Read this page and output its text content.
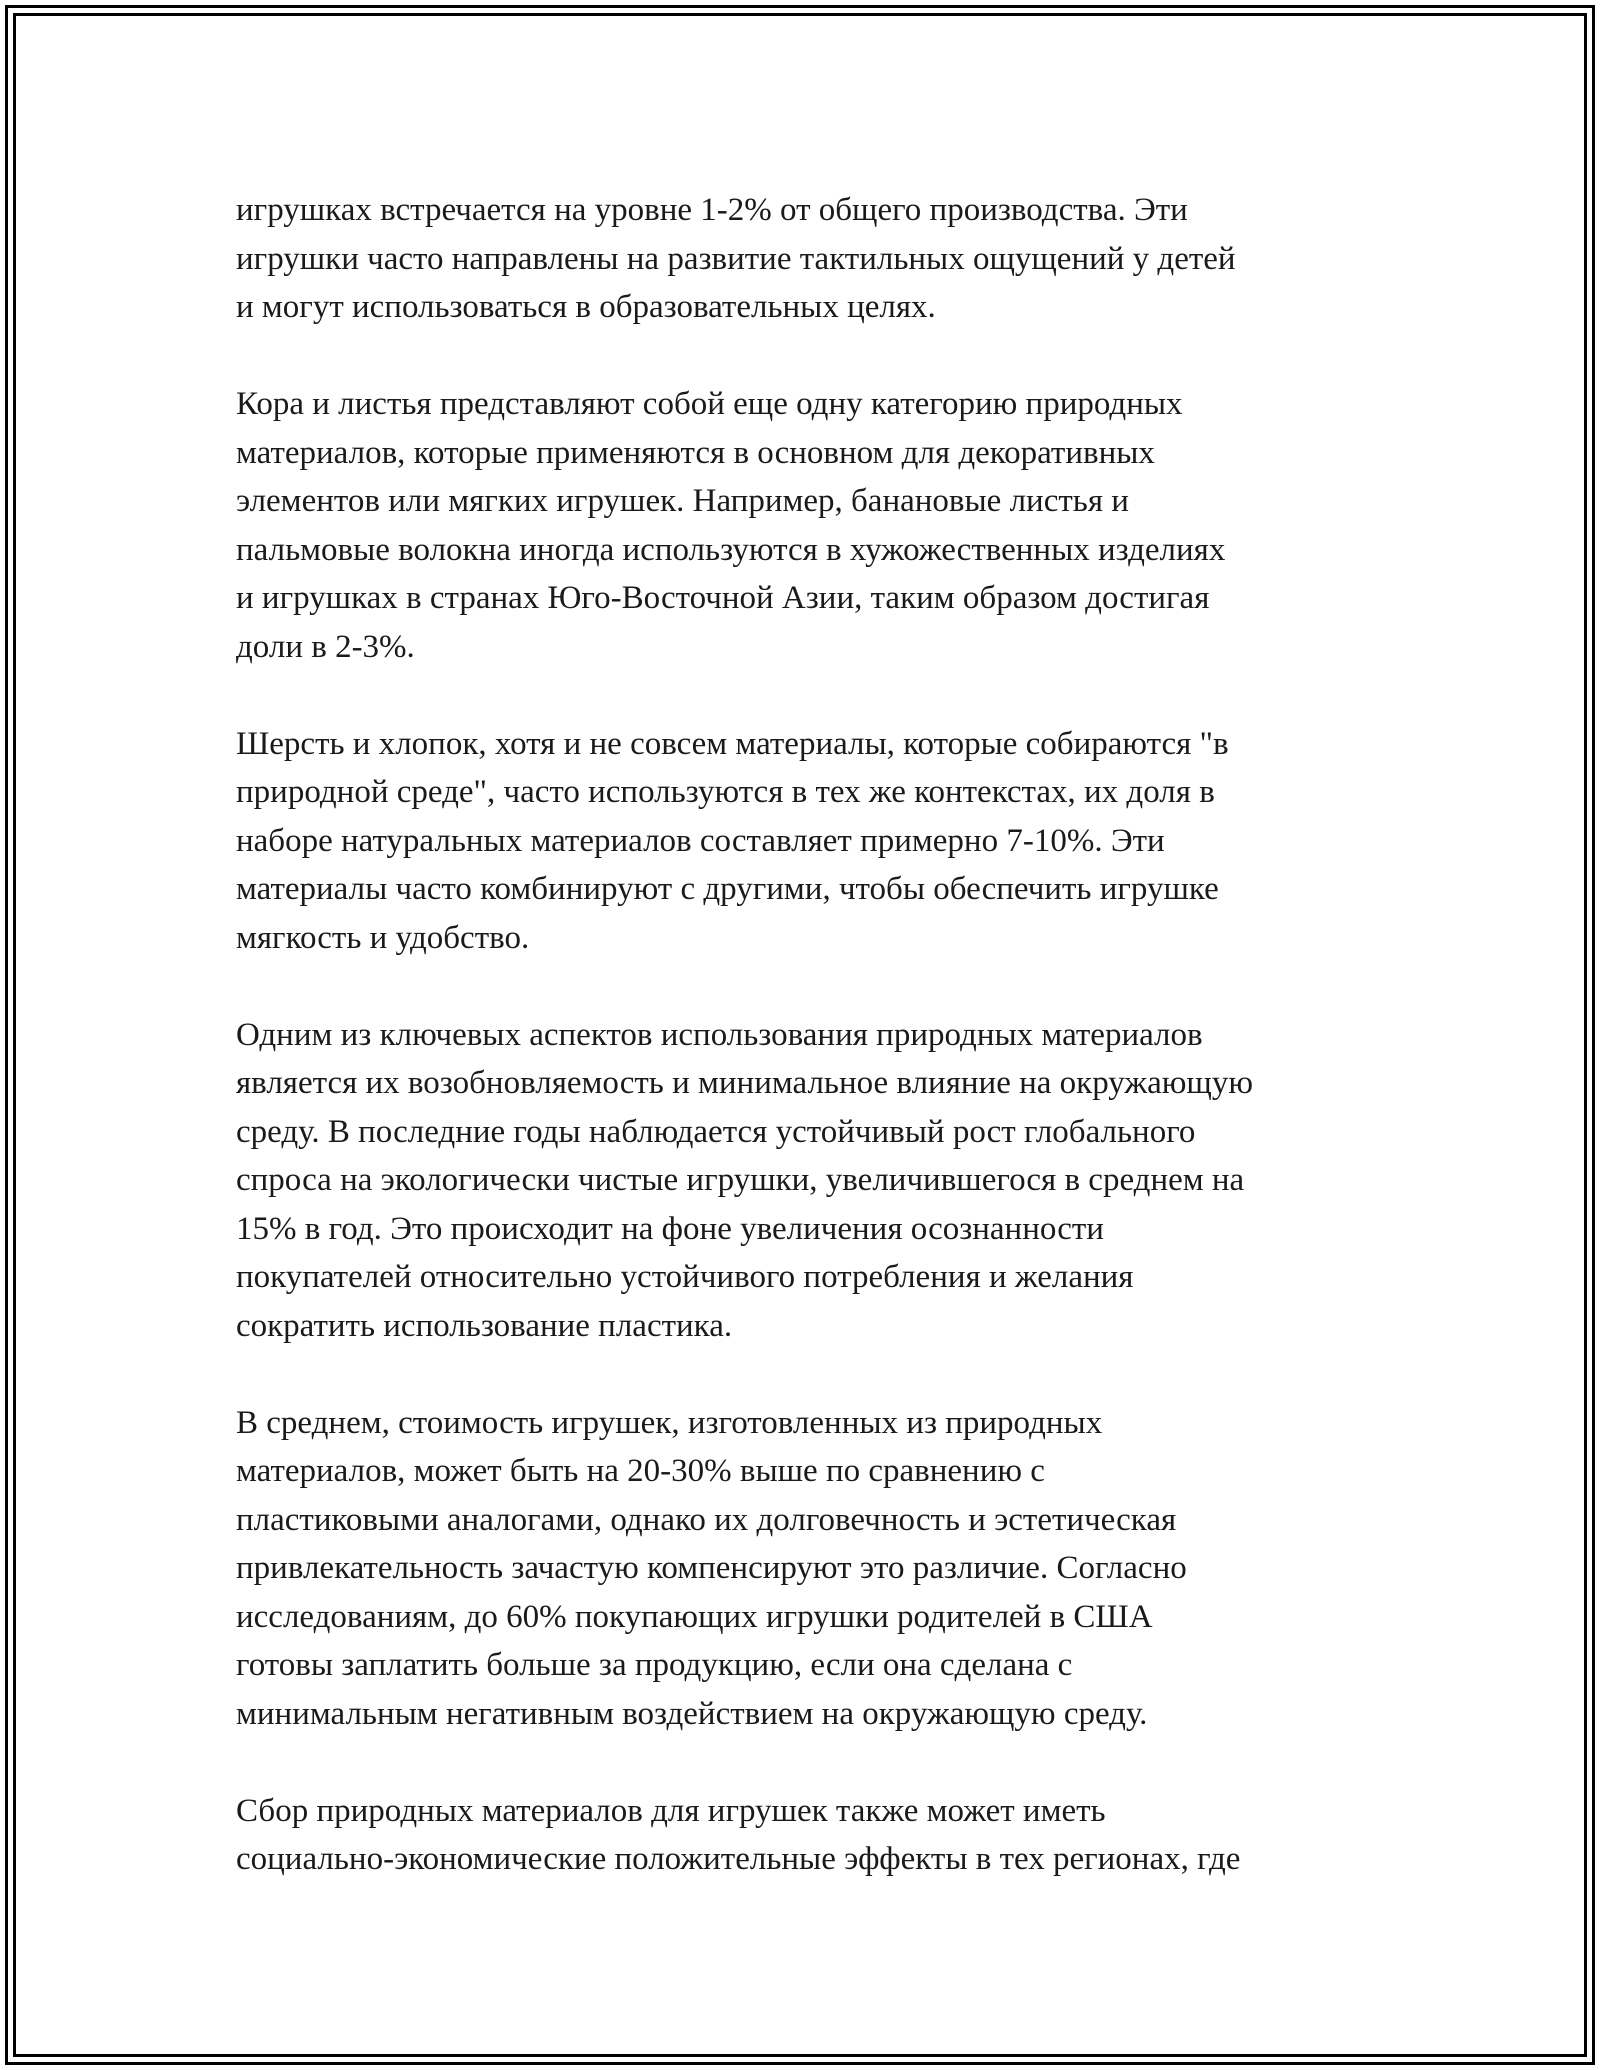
игрушках встречается на уровне 1-2% от общего производства. Эти
игрушки часто направлены на развитие тактильных ощущений у детей
и могут использоваться в образовательных целях.
Кора и листья представляют собой еще одну категорию природных
материалов, которые применяются в основном для декоративных
элементов или мягких игрушек. Например, банановые листья и
пальмовые волокна иногда используются в хужожественных изделиях
и игрушках в странах Юго-Восточной Азии, таким образом достигая
доли в 2-3%.
Шерсть и хлопок, хотя и не совсем материалы, которые собираются "в
природной среде", часто используются в тех же контекстах, их доля в
наборе натуральных материалов составляет примерно 7-10%. Эти
материалы часто комбинируют с другими, чтобы обеспечить игрушке
мягкость и удобство.
Одним из ключевых аспектов использования природных материалов
является их возобновляемость и минимальное влияние на окружающую
среду. В последние годы наблюдается устойчивый рост глобального
спроса на экологически чистые игрушки, увеличившегося в среднем на
15% в год. Это происходит на фоне увеличения осознанности
покупателей относительно устойчивого потребления и желания
сократить использование пластика.
В среднем, стоимость игрушек, изготовленных из природных
материалов, может быть на 20-30% выше по сравнению с
пластиковыми аналогами, однако их долговечность и эстетическая
привлекательность зачастую компенсируют это различие. Согласно
исследованиям, до 60% покупающих игрушки родителей в США
готовы заплатить больше за продукцию, если она сделана с
минимальным негативным воздействием на окружающую среду.
Сбор природных материалов для игрушек также может иметь
социально-экономические положительные эффекты в тех регионах, где
